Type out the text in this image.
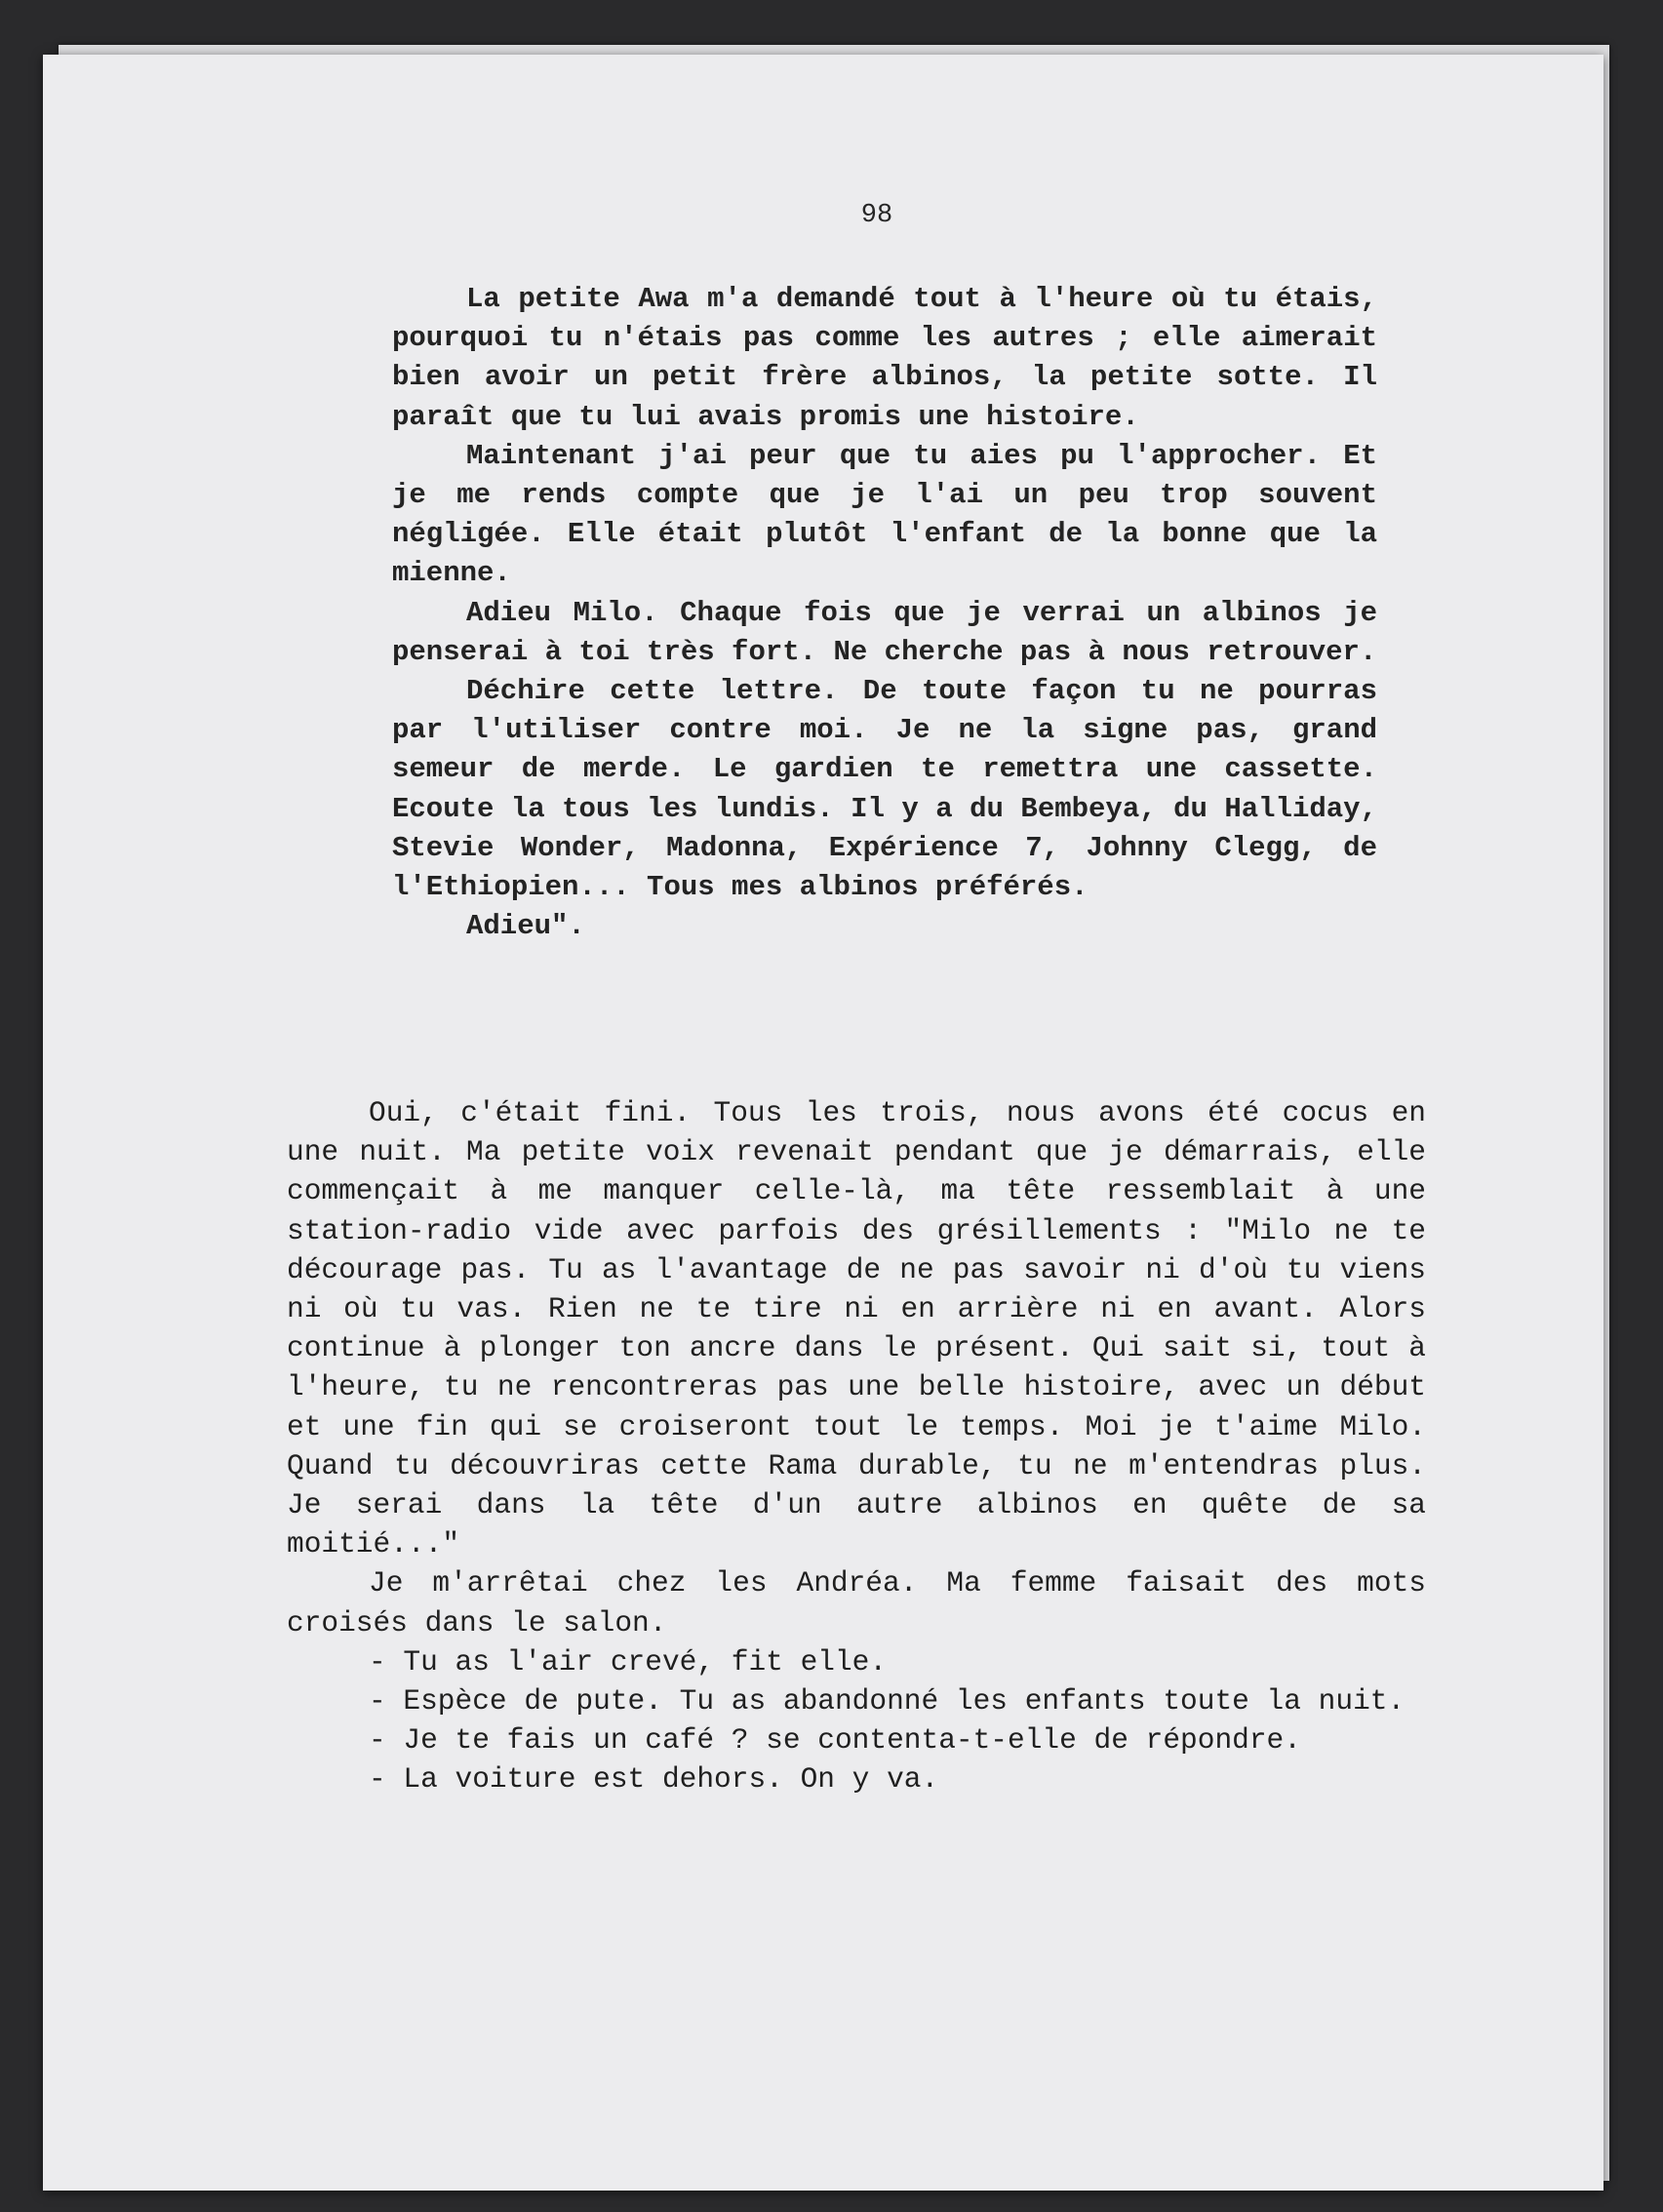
98

La petite Awa m'a demandé tout à l'heure où tu étais, pourquoi tu n'étais pas comme les autres ; elle aimerait bien avoir un petit frère albinos, la petite sotte. Il paraît que tu lui avais promis une histoire.

Maintenant j'ai peur que tu aies pu l'approcher. Et je me rends compte que je l'ai un peu trop souvent négligée. Elle était plutôt l'enfant de la bonne que la mienne.

Adieu Milo. Chaque fois que je verrai un albinos je penserai à toi très fort. Ne cherche pas à nous retrouver.

Déchire cette lettre. De toute façon tu ne pourras par l'utiliser contre moi. Je ne la signe pas, grand semeur de merde. Le gardien te remettra une cassette. Ecoute la tous les lundis. Il y a du Bembeya, du Halliday, Stevie Wonder, Madonna, Expérience 7, Johnny Clegg, de l'Ethiopien... Tous mes albinos préférés.

Adieu".

Oui, c'était fini. Tous les trois, nous avons été cocus en une nuit. Ma petite voix revenait pendant que je démarrais, elle commençait à me manquer celle-là, ma tête ressemblait à une station-radio vide avec parfois des grésillements : "Milo ne te décourage pas. Tu as l'avantage de ne pas savoir ni d'où tu viens ni où tu vas. Rien ne te tire ni en arrière ni en avant. Alors continue à plonger ton ancre dans le présent. Qui sait si, tout à l'heure, tu ne rencontreras pas une belle histoire, avec un début et une fin qui se croiseront tout le temps. Moi je t'aime Milo. Quand tu découvriras cette Rama durable, tu ne m'entendras plus. Je serai dans la tête d'un autre albinos en quête de sa moitié..."

Je m'arrêtai chez les Andréa. Ma femme faisait des mots croisés dans le salon.

- Tu as l'air crevé, fit elle.

- Espèce de pute. Tu as abandonné les enfants toute la nuit.

- Je te fais un café ? se contenta-t-elle de répondre.

- La voiture est dehors. On y va.
